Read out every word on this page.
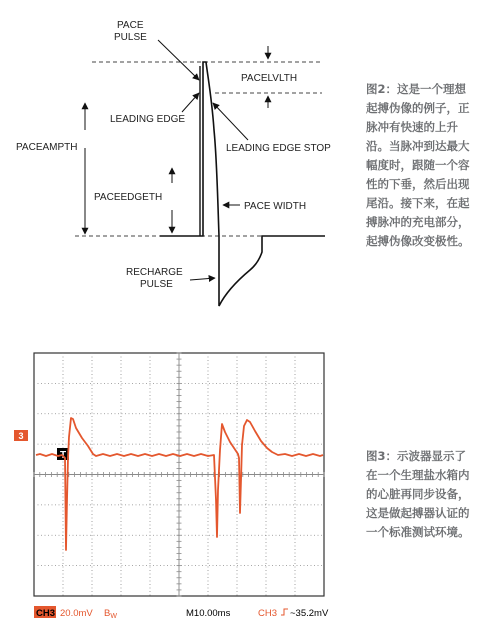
PACE
PULSE
PACELVLTH
LEADING EDGE
LEADING EDGE STOP
PACEAMPTH
PACEEDGETH
PACE WIDTH
RECHARGE
PULSE
图2：这是一个理想
起搏伪像的例子，正
脉冲有快速的上升
沿。当脉冲到达最大
幅度时，跟随一个容
性的下垂，然后出现
尾沿。接下来，在起
搏脉冲的充电部分，
起搏伪像改变极性。
3
T
CH3 20.0mV $B_W$	M10.00ms	CH3 ~35.2mV
图3：示波器显示了
在一个生理盐水箱内
的心脏再同步设备，
这是做起搏器认证的
一个标准测试环境。
